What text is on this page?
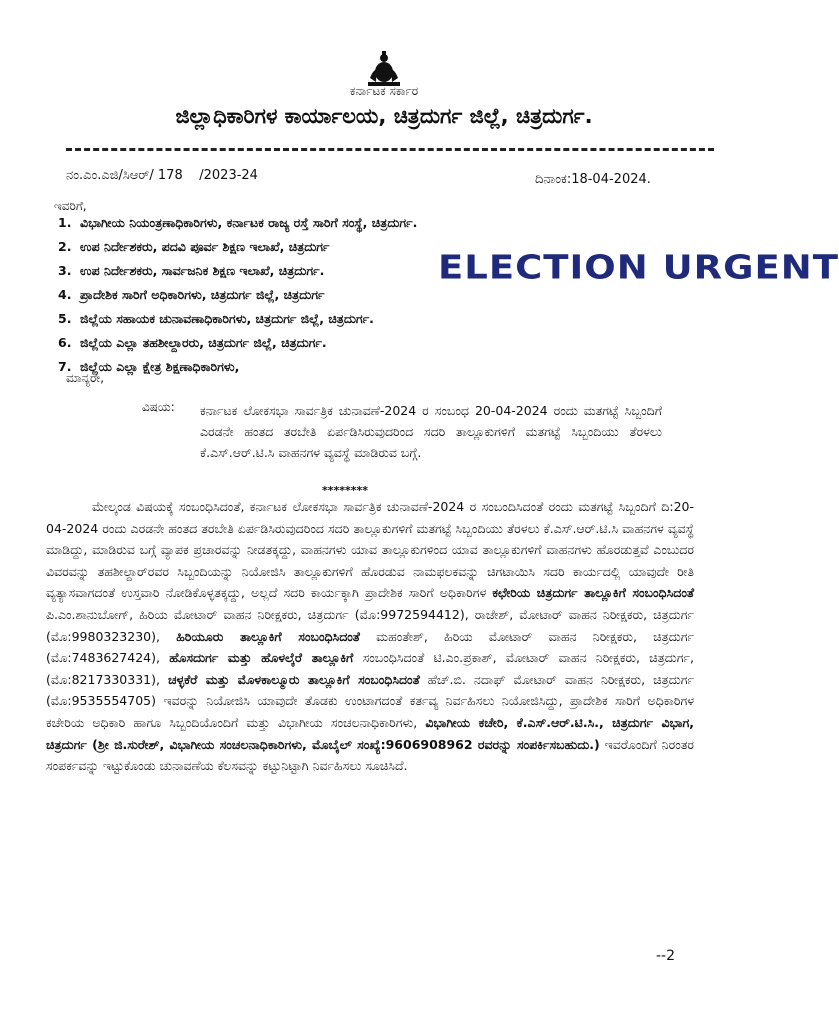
ಕರ್ನಾಟಕ ಸರ್ಕಾರ
ಜಿಲ್ಲಾಧಿಕಾರಿಗಳ ಕಾರ್ಯಾಲಯ, ಚಿತ್ರದುರ್ಗ ಜಿಲ್ಲೆ, ಚಿತ್ರದುರ್ಗ.
ನಂ.ಎಂ.ಎಜಿ/ಸಿಆರ್/ 178    /2023-24	ದಿನಾಂಕ:18-04-2024.
ಇವರಿಗೆ,
1. ವಿಭಾಗೀಯ ನಿಯಂತ್ರಣಾಧಿಕಾರಿಗಳು, ಕರ್ನಾಟಕ ರಾಜ್ಯ ರಸ್ತೆ ಸಾರಿಗೆ ಸಂಸ್ಥೆ, ಚಿತ್ರದುರ್ಗ.
2. ಉಪ ನಿರ್ದೇಶಕರು, ಪದವಿ ಪೂರ್ವ ಶಿಕ್ಷಣ ಇಲಾಖೆ, ಚಿತ್ರದುರ್ಗ
3. ಉಪ ನಿರ್ದೇಶಕರು, ಸಾರ್ವಜನಿಕ ಶಿಕ್ಷಣ ಇಲಾಖೆ, ಚಿತ್ರದುರ್ಗ.
4. ಪ್ರಾದೇಶಿಕ ಸಾರಿಗೆ ಅಧಿಕಾರಿಗಳು, ಚಿತ್ರದುರ್ಗ ಜಿಲ್ಲೆ, ಚಿತ್ರದುರ್ಗ
5. ಜಿಲ್ಲೆಯ ಸಹಾಯಕ ಚುನಾವಣಾಧಿಕಾರಿಗಳು, ಚಿತ್ರದುರ್ಗ ಜಿಲ್ಲೆ, ಚಿತ್ರದುರ್ಗ.
6. ಜಿಲ್ಲೆಯ ಎಲ್ಲಾ ತಹಶೀಲ್ದಾರರು, ಚಿತ್ರದುರ್ಗ ಜಿಲ್ಲೆ, ಚಿತ್ರದುರ್ಗ.
7. ಜಿಲ್ಲೆಯ ಎಲ್ಲಾ ಕ್ಷೇತ್ರ ಶಿಕ್ಷಣಾಧಿಕಾರಿಗಳು,
ELECTION URGENT
ಮಾನ್ಯರೇ,
ವಿಷಯ: ಕರ್ನಾಟಕ ಲೋಕಸಭಾ ಸಾರ್ವತ್ರಿಕ ಚುನಾವಣೆ-2024 ರ ಸಂಬಂಧ 20-04-2024 ರಂದು ಮತಗಟ್ಟೆ ಸಿಬ್ಬಂದಿಗೆ ಎರಡನೇ ಹಂತದ ತರಬೇತಿ ಏರ್ಪಡಿಸಿರುವುದರಿಂದ ಸದರಿ ತಾಲ್ಲೂಕುಗಳಿಗೆ ಮತಗಟ್ಟೆ ಸಿಬ್ಬಂದಿಯು ತೆರಳಲು ಕೆ.ಎಸ್.ಆರ್.ಟಿ.ಸಿ ವಾಹನಗಳ ವ್ಯವಸ್ಥೆ ಮಾಡಿರುವ ಬಗ್ಗೆ.
********

ಮೇಲ್ಕಂಡ ವಿಷಯಕ್ಕೆ ಸಂಬಂಧಿಸಿದಂತೆ, ಕರ್ನಾಟಕ ಲೋಕಸಭಾ ಸಾರ್ವತ್ರಿಕ ಚುನಾವಣೆ-2024 ರ ಸಂಬಂದಿಸಿದಂತೆ ರಂದು ಮತಗಟ್ಟೆ ಸಿಬ್ಬಂದಿಗೆ ದಿ:20-04-2024 ರಂದು ಎರಡನೇ ಹಂತದ ತರಬೇತಿ ಏರ್ಪಡಿಸಿರುವುದರಿಂದ ಸದರಿ ತಾಲ್ಲೂಕುಗಳಿಗೆ ಮತಗಟ್ಟೆ ಸಿಬ್ಬಂದಿಯು ತೆರಳಲು ಕೆ.ಎಸ್.ಆರ್.ಟಿ.ಸಿ ವಾಹನಗಳ ವ್ಯವಸ್ಥೆ ಮಾಡಿದ್ದು, ಮಾಡಿರುವ ಬಗ್ಗೆ ವ್ಯಾಪಕ ಪ್ರಚಾರವನ್ನು ನೀಡತಕ್ಕದ್ದು, ವಾಹನಗಳು ಯಾವ ತಾಲ್ಲೂಕುಗಳಿಂದ ಯಾವ ತಾಲ್ಲೂಕುಗಳಿಗೆ ವಾಹನಗಳು ಹೊರಡುತ್ತವೆ ಎಂಬುದರ ವಿವರವನ್ನು ತಹಶೀಲ್ದಾರ್‌ರವರ ಸಿಬ್ಬಂದಿಯನ್ನು ನಿಯೋಜಿಸಿ ತಾಲ್ಲೂಕುಗಳಿಗೆ ಹೊರಡುವ ನಾಮಫಲಕವನ್ನು ಚಿಗಟಾಯಿಸಿ ಸದರಿ ಕಾರ್ಯದಲ್ಲಿ ಯಾವುದೇ ರೀತಿ ವ್ಯತ್ಯಾಸವಾಗದಂತೆ ಉಸ್ತವಾರಿ ನೋಡಿಕೊಳ್ಳತಕ್ಕದ್ದು, ಅಲ್ಲದೆ ಸದರಿ ಕಾರ್ಯಕ್ಕಾಗಿ ಪ್ರಾದೇಶಿಕ ಸಾರಿಗೆ ಅಧಿಕಾರಿಗಳ ಕಛೇರಿಯ ಚಿತ್ರದುರ್ಗ ತಾಲ್ಲೂಕಿಗೆ ಸಂಬಂಧಿಸಿದಂತೆ ಪಿ.ಎಂ.ಶಾನುಬೋಗ್, ಹಿರಿಯ ಮೋಟಾರ್ ವಾಹನ ನಿರೀಕ್ಷಕರು, ಚಿತ್ರದುರ್ಗ (ಮೊ:9972594412), ರಾಜೇಶ್, ಮೋಟಾರ್ ವಾಹನ ನಿರೀಕ್ಷಕರು, ಚಿತ್ರದುರ್ಗ (ಮೊ:9980323230), ಹಿರಿಯೂರು ತಾಲ್ಲೂಕಿಗೆ ಸಂಬಂಧಿಸಿದಂತೆ ಮಹಂತೇಶ್, ಹಿರಿಯ ಮೋಟಾರ್ ವಾಹನ ನಿರೀಕ್ಷಕರು, ಚಿತ್ರದುರ್ಗ (ಮೊ:7483627424), ಹೊಸದುರ್ಗ ಮತ್ತು ಹೊಳಲ್ಕೆರೆ ತಾಲ್ಲೂಕಿಗೆ ಸಂಬಂಧಿಸಿದಂತೆ ಟಿ.ಎಂ.ಪ್ರಕಾಶ್, ಮೋಟಾರ್ ವಾಹನ ನಿರೀಕ್ಷಕರು, ಚಿತ್ರದುರ್ಗ, (ಮೊ:8217330331), ಚಳ್ಳಕೆರೆ ಮತ್ತು ಮೊಳಕಾಲ್ಮೂರು ತಾಲ್ಲೂಕಿಗೆ ಸಂಬಂಧಿಸಿದಂತೆ ಹೆಚ್.ಬಿ. ನದಾಫ್ ಮೋಟಾರ್ ವಾಹನ ನಿರೀಕ್ಷಕರು, ಚಿತ್ರದುರ್ಗ (ಮೊ:9535554705) ಇವರನ್ನು ನಿಯೋಜಿಸಿ ಯಾವುದೇ ತೊಡಕು ಉಂಟಾಗದಂತೆ ಕರ್ತವ್ಯ ನಿರ್ವಹಿಸಲು ನಿಯೋಜಿಸಿದ್ದು, ಪ್ರಾದೇಶಿಕ ಸಾರಿಗೆ ಅಧಿಕಾರಿಗಳ ಕಚೇರಿಯ ಅಧಿಕಾರಿ ಹಾಗೂ ಸಿಬ್ಬಂದಿಯೊಂದಿಗೆ ಮತ್ತು ವಿಭಾಗೀಯ ಸಂಚಲನಾಧಿಕಾರಿಗಳು, ವಿಭಾಗೀಯ ಕಚೇರಿ, ಕೆ.ಎಸ್.ಆರ್.ಟಿ.ಸಿ., ಚಿತ್ರದುರ್ಗ ವಿಭಾಗ, ಚಿತ್ರದುರ್ಗ (ಶ್ರೀ ಜಿ.ಸುರೇಶ್, ವಿಭಾಗೀಯ ಸಂಚಲನಾಧಿಕಾರಿಗಳು, ಮೊಬೈಲ್ ಸಂಖ್ಯೆ:9606908962 ರವರನ್ನು ಸಂಪರ್ಕಿಸಬಹುದು.) ಇವರೊಂದಿಗೆ ನಿರಂತರ ಸಂಪರ್ಕವನ್ನು ಇಟ್ಟುಕೊಂಡು ಚುನಾವಣೆಯ ಕೆಲಸವನ್ನು ಕಟ್ಟುನಿಟ್ಟಾಗಿ ನಿರ್ವಹಿಸಲು ಸೂಚಿಸಿದೆ.

--2
